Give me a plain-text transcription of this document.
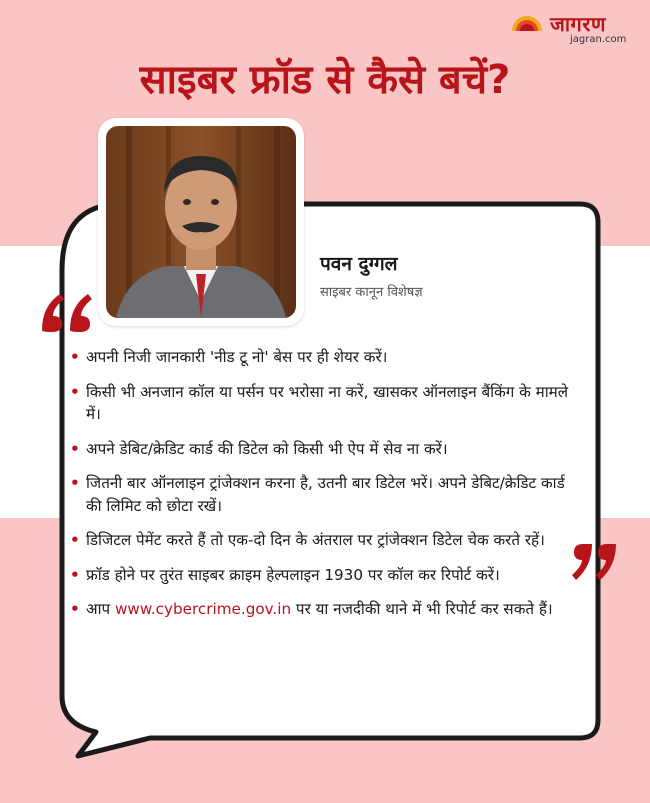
जागरण
jagran.com
साइबर फ्रॉड से कैसे बचें?
पवन दुग्गल
साइबर कानून विशेषज्ञ
• अपनी निजी जानकारी 'नीड टू नो' बेस पर ही शेयर करें।
• किसी भी अनजान कॉल या पर्सन पर भरोसा ना करें, खासकर ऑनलाइन बैंकिंग के मामले में।
• अपने डेबिट/क्रेडिट कार्ड की डिटेल को किसी भी ऐप में सेव ना करें।
• जितनी बार ऑनलाइन ट्रांजेक्शन करना है, उतनी बार डिटेल भरें। अपने डेबिट/क्रेडिट कार्ड की लिमिट को छोटा रखें।
• डिजिटल पेमेंट करते हैं तो एक-दो दिन के अंतराल पर ट्रांजेक्शन डिटेल चेक करते रहें।
• फ्रॉड होने पर तुरंत साइबर क्राइम हेल्पलाइन 1930 पर कॉल कर रिपोर्ट करें।
• आप www.cybercrime.gov.in पर या नजदीकी थाने में भी रिपोर्ट कर सकते हैं।
